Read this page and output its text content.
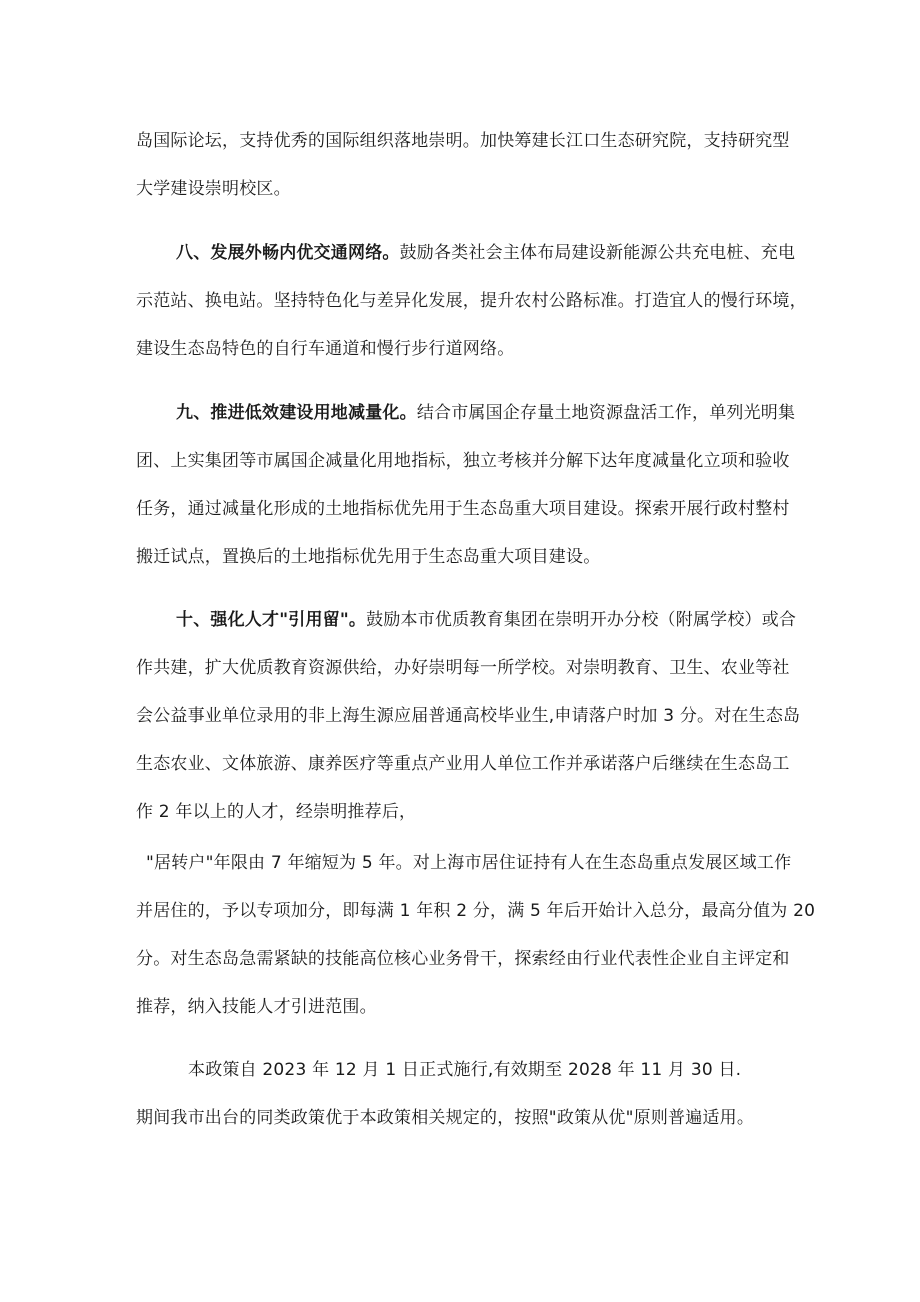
岛国际论坛，支持优秀的国际组织落地崇明。加快筹建长江口生态研究院，支持研究型
大学建设崇明校区。
八、发展外畅内优交通网络。鼓励各类社会主体布局建设新能源公共充电桩、充电
示范站、换电站。坚持特色化与差异化发展，提升农村公路标准。打造宜人的慢行环境，
建设生态岛特色的自行车通道和慢行步行道网络。
九、推进低效建设用地减量化。结合市属国企存量土地资源盘活工作，单列光明集
团、上实集团等市属国企减量化用地指标，独立考核并分解下达年度减量化立项和验收
任务，通过减量化形成的土地指标优先用于生态岛重大项目建设。探索开展行政村整村
搬迁试点，置换后的土地指标优先用于生态岛重大项目建设。
十、强化人才"引用留"。鼓励本市优质教育集团在崇明开办分校（附属学校）或合
作共建，扩大优质教育资源供给，办好崇明每一所学校。对崇明教育、卫生、农业等社
会公益事业单位录用的非上海生源应届普通高校毕业生,申请落户时加 3 分。对在生态岛
生态农业、文体旅游、康养医疗等重点产业用人单位工作并承诺落户后继续在生态岛工
作 2 年以上的人才，经崇明推荐后，
"居转户"年限由 7 年缩短为 5 年。对上海市居住证持有人在生态岛重点发展区域工作
并居住的，予以专项加分，即每满 1 年积 2 分，满 5 年后开始计入总分，最高分值为 20
分。对生态岛急需紧缺的技能高位核心业务骨干，探索经由行业代表性企业自主评定和
推荐，纳入技能人才引进范围。
本政策自 2023 年 12 月 1 日正式施行,有效期至 2028 年 11 月 30 日.
期间我市出台的同类政策优于本政策相关规定的，按照"政策从优"原则普遍适用。
